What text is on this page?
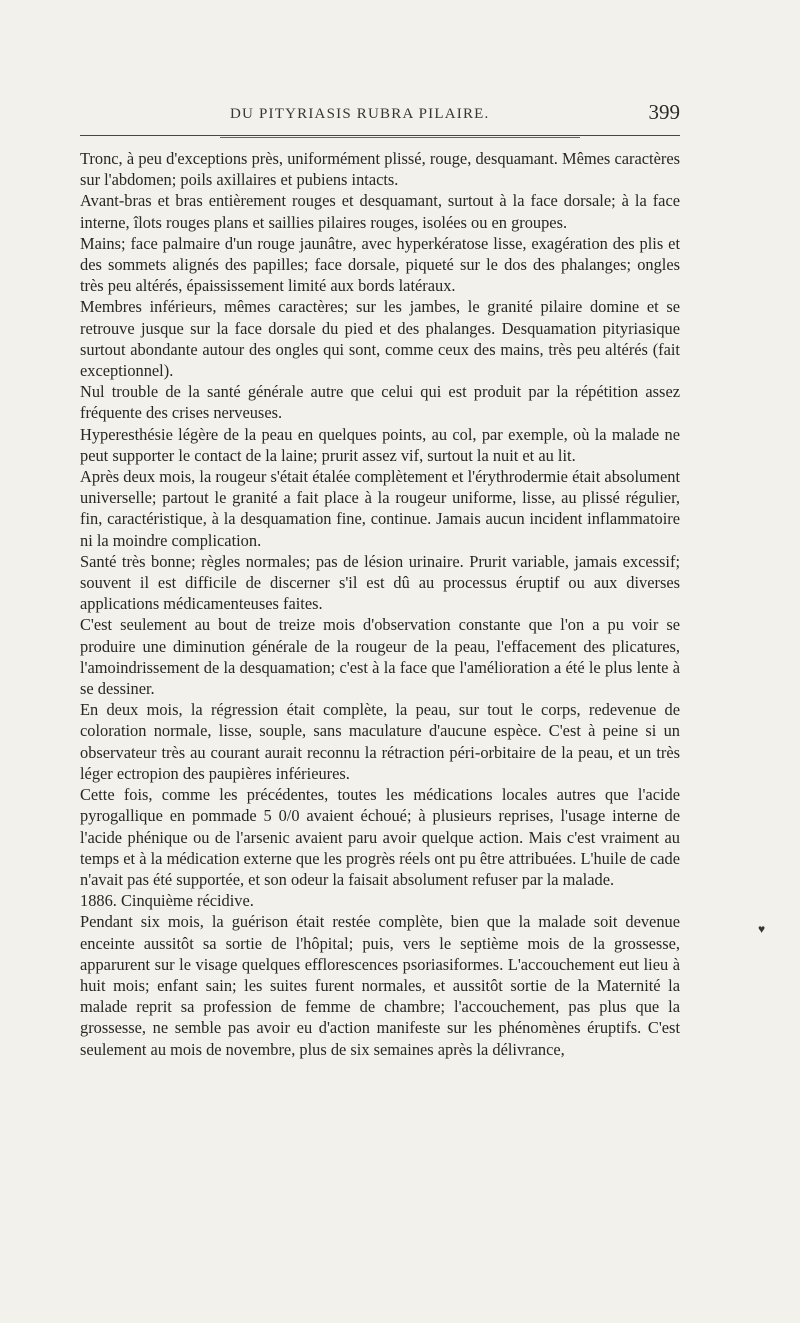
DU PITYRIASIS RUBRA PILAIRE.	399

Tronc, à peu d'exceptions près, uniformément plissé, rouge, desquamant. Mêmes caractères sur l'abdomen; poils axillaires et pubiens intacts.

Avant-bras et bras entièrement rouges et desquamant, surtout à la face dorsale; à la face interne, îlots rouges plans et saillies pilaires rouges, isolées ou en groupes.

Mains; face palmaire d'un rouge jaunâtre, avec hyperkératose lisse, exagération des plis et des sommets alignés des papilles; face dorsale, piqueté sur le dos des phalanges; ongles très peu altérés, épaississement limité aux bords latéraux.

Membres inférieurs, mêmes caractères; sur les jambes, le granité pilaire domine et se retrouve jusque sur la face dorsale du pied et des phalanges. Desquamation pityriasique surtout abondante autour des ongles qui sont, comme ceux des mains, très peu altérés (fait exceptionnel).

Nul trouble de la santé générale autre que celui qui est produit par la répétition assez fréquente des crises nerveuses.

Hyperesthésie légère de la peau en quelques points, au col, par exemple, où la malade ne peut supporter le contact de la laine; prurit assez vif, surtout la nuit et au lit.

Après deux mois, la rougeur s'était étalée complètement et l'érythrodermie était absolument universelle; partout le granité a fait place à la rougeur uniforme, lisse, au plissé régulier, fin, caractéristique, à la desquamation fine, continue. Jamais aucun incident inflammatoire ni la moindre complication.

Santé très bonne; règles normales; pas de lésion urinaire. Prurit variable, jamais excessif; souvent il est difficile de discerner s'il est dû au processus éruptif ou aux diverses applications médicamenteuses faites.

C'est seulement au bout de treize mois d'observation constante que l'on a pu voir se produire une diminution générale de la rougeur de la peau, l'effacement des plicatures, l'amoindrissement de la desquamation; c'est à la face que l'amélioration a été le plus lente à se dessiner.

En deux mois, la régression était complète, la peau, sur tout le corps, redevenue de coloration normale, lisse, souple, sans maculature d'aucune espèce. C'est à peine si un observateur très au courant aurait reconnu la rétraction péri-orbitaire de la peau, et un très léger ectropion des paupières inférieures.

Cette fois, comme les précédentes, toutes les médications locales autres que l'acide pyrogallique en pommade 5 0/0 avaient échoué; à plusieurs reprises, l'usage interne de l'acide phénique ou de l'arsenic avaient paru avoir quelque action. Mais c'est vraiment au temps et à la médication externe que les progrès réels ont pu être attribuées. L'huile de cade n'avait pas été supportée, et son odeur la faisait absolument refuser par la malade.

1886. Cinquième récidive.

Pendant six mois, la guérison était restée complète, bien que la malade soit devenue enceinte aussitôt sa sortie de l'hôpital; puis, vers le septième mois de la grossesse, apparurent sur le visage quelques efflorescences psoriasiformes. L'accouchement eut lieu à huit mois; enfant sain; les suites furent normales, et aussitôt sortie de la Maternité la malade reprit sa profession de femme de chambre; l'accouchement, pas plus que la grossesse, ne semble pas avoir eu d'action manifeste sur les phénomènes éruptifs. C'est seulement au mois de novembre, plus de six semaines après la délivrance,

♥
